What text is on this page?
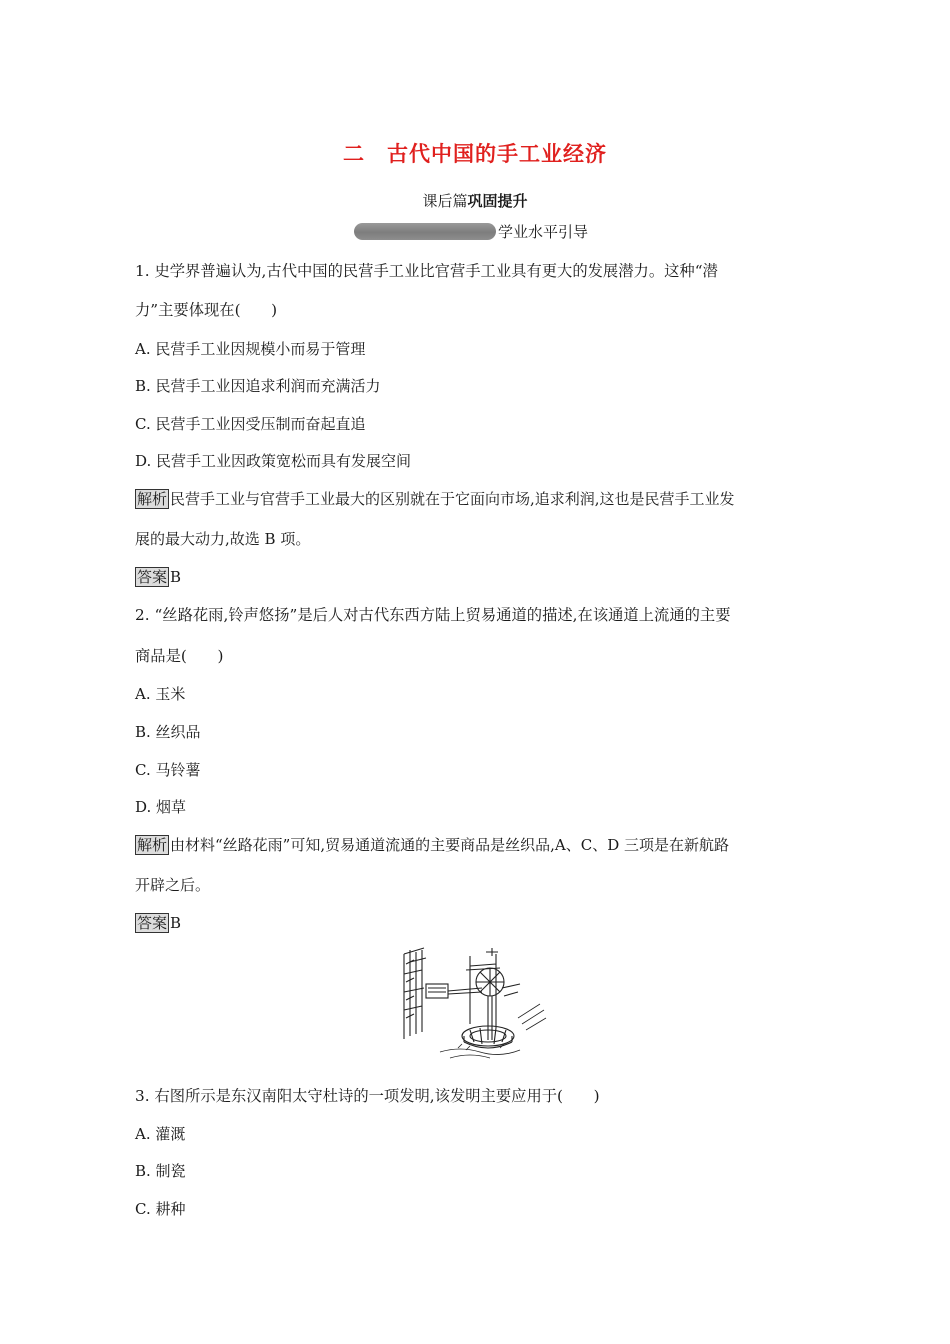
二 古代中国的手工业经济
课后篇巩固提升
学业水平引导
1. 史学界普遍认为,古代中国的民营手工业比官营手工业具有更大的发展潜力。这种“潜
力”主要体现在(　　)
A. 民营手工业因规模小而易于管理
B. 民营手工业因追求利润而充满活力
C. 民营手工业因受压制而奋起直追
D. 民营手工业因政策宽松而具有发展空间
解析 民营手工业与官营手工业最大的区别就在于它面向市场,追求利润,这也是民营手工业发
展的最大动力,故选 B 项。
答案 B
2. “丝路花雨,铃声悠扬”是后人对古代东西方陆上贸易通道的描述,在该通道上流通的主要
商品是(　　)
A. 玉米
B. 丝织品
C. 马铃薯
D. 烟草
解析 由材料“丝路花雨”可知,贸易通道流通的主要商品是丝织品,A、C、D 三项是在新航路
开辟之后。
答案 B
3. 右图所示是东汉南阳太守杜诗的一项发明,该发明主要应用于(　　)
A. 灌溉
B. 制瓷
C. 耕种
